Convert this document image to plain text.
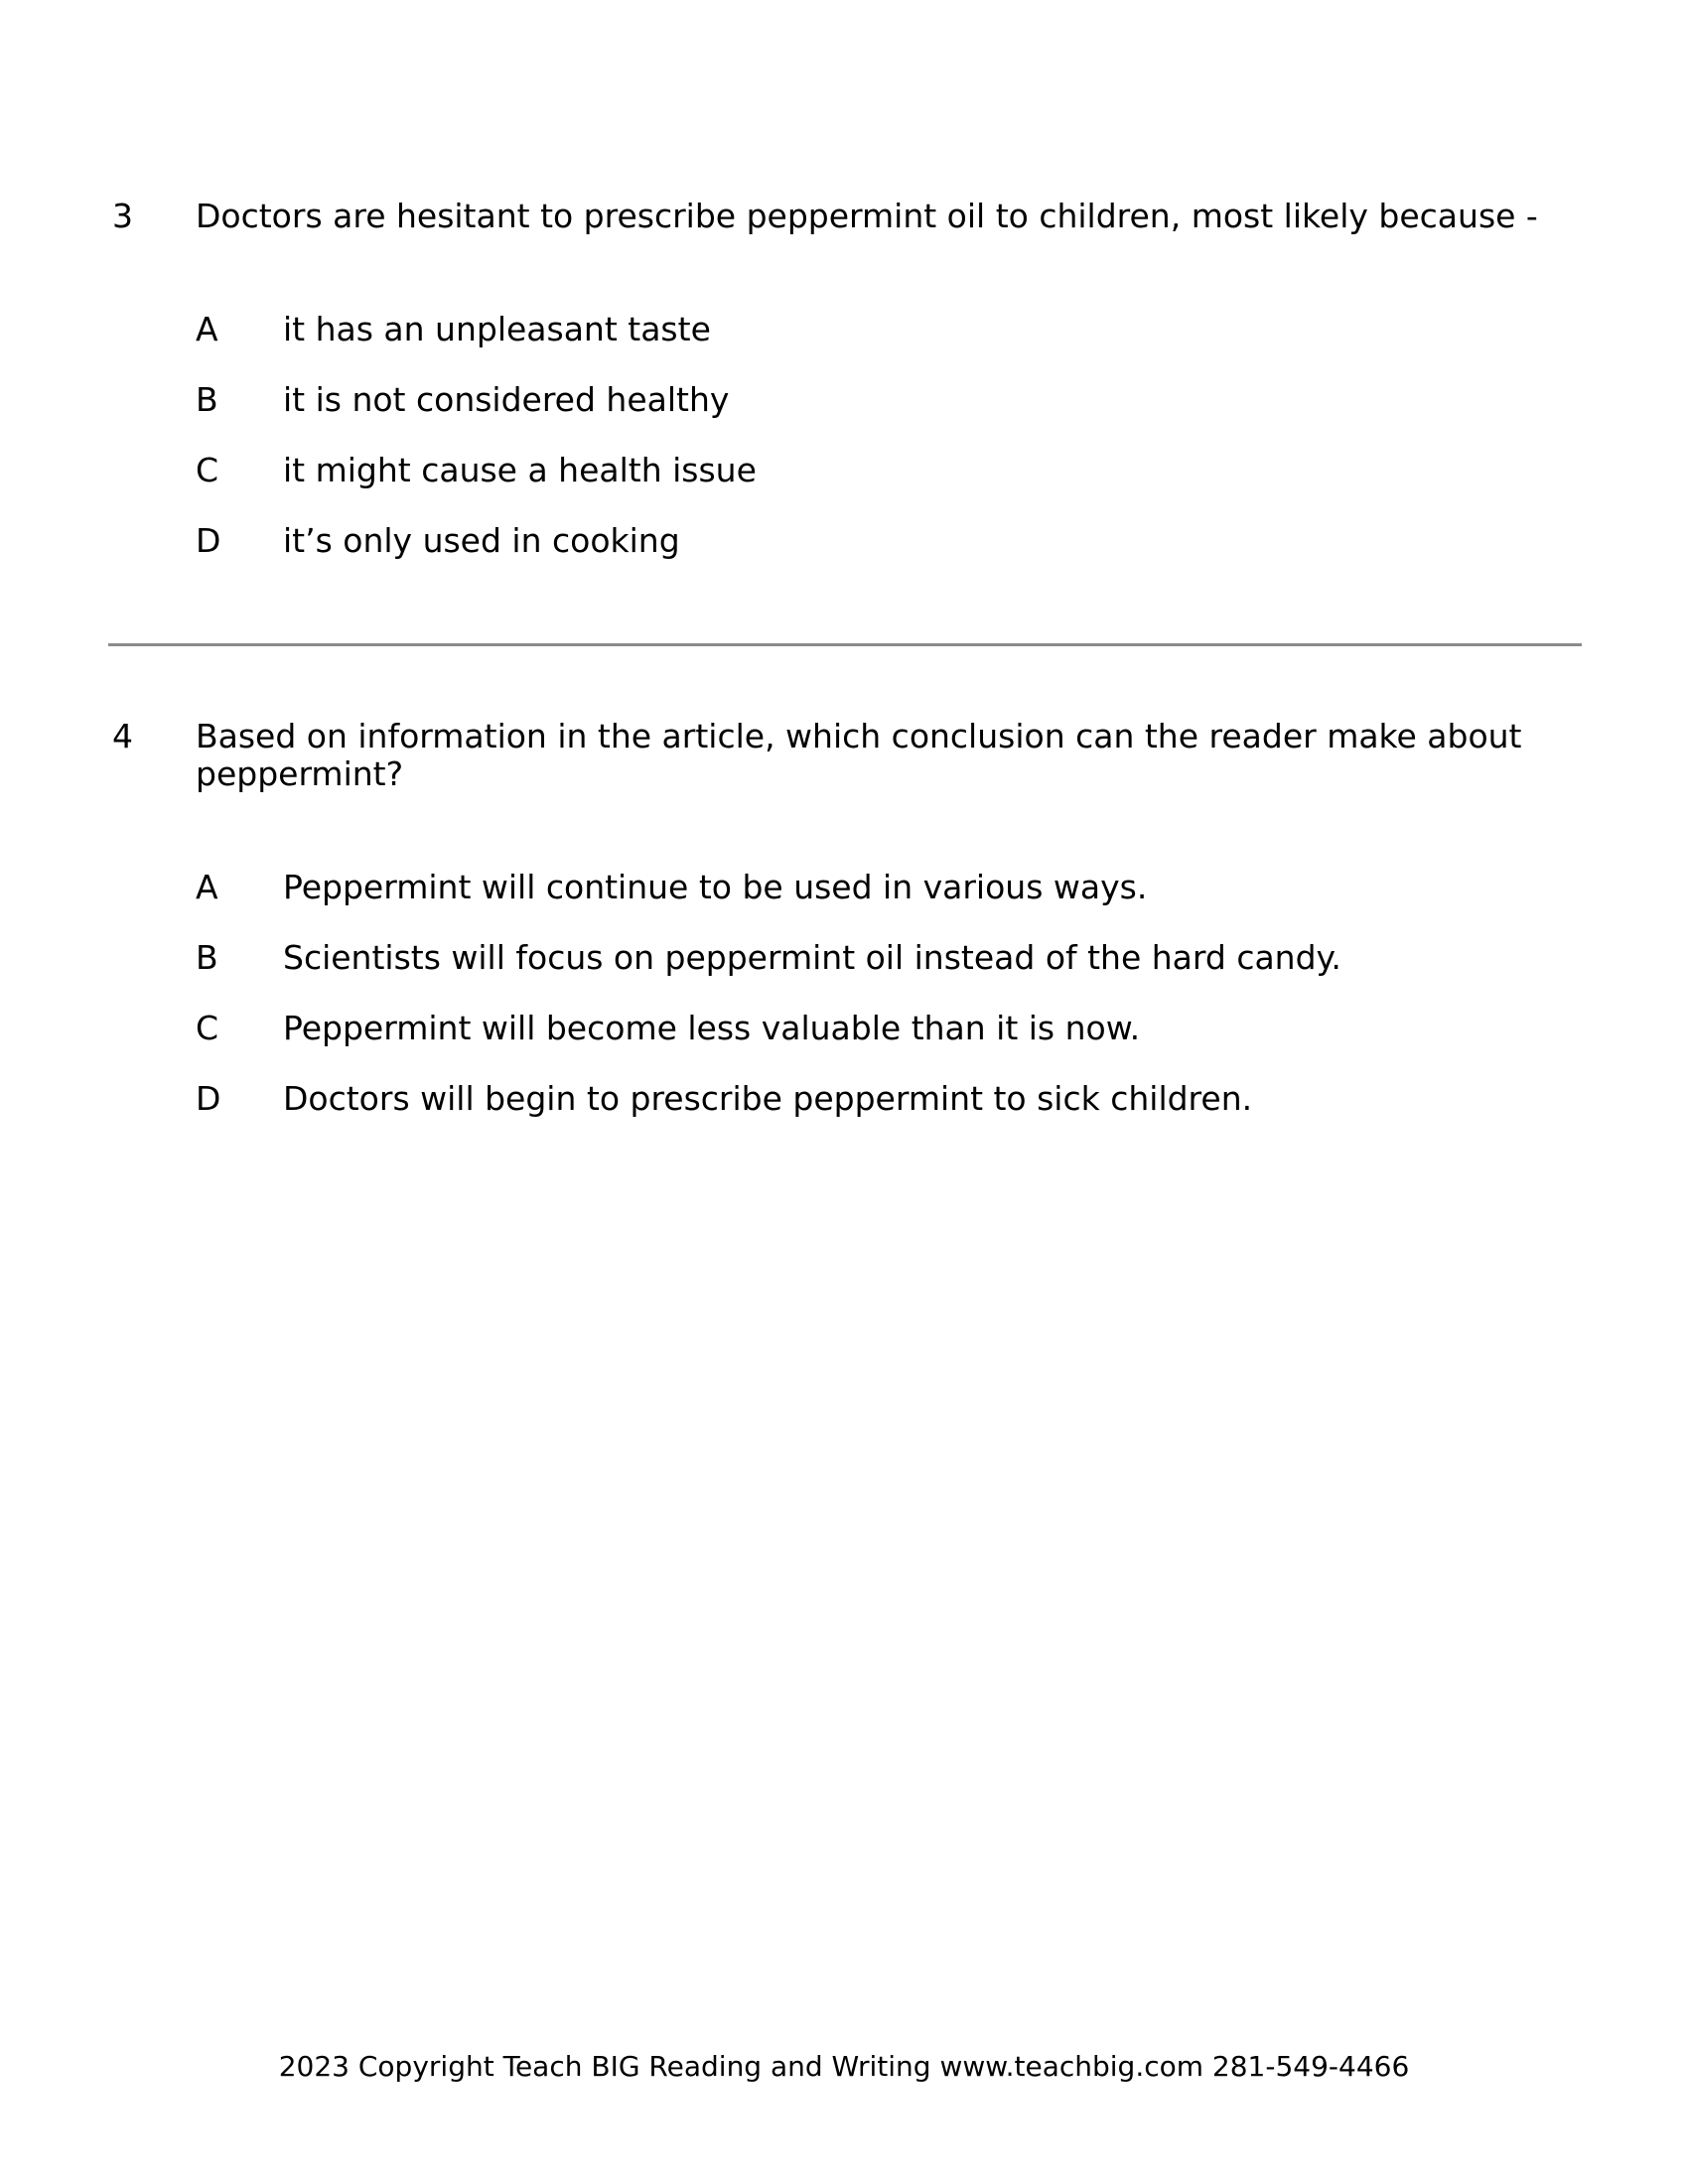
3	Doctors are hesitant to prescribe peppermint oil to children, most likely because -
A	it has an unpleasant taste
B	it is not considered healthy
C	it might cause a health issue
D	it’s only used in cooking
4	Based on information in the article, which conclusion can the reader make about peppermint?
A	Peppermint will continue to be used in various ways.
B	Scientists will focus on peppermint oil instead of the hard candy.
C	Peppermint will become less valuable than it is now.
D	Doctors will begin to prescribe peppermint to sick children.
2023 Copyright Teach BIG Reading and Writing www.teachbig.com 281-549-4466
